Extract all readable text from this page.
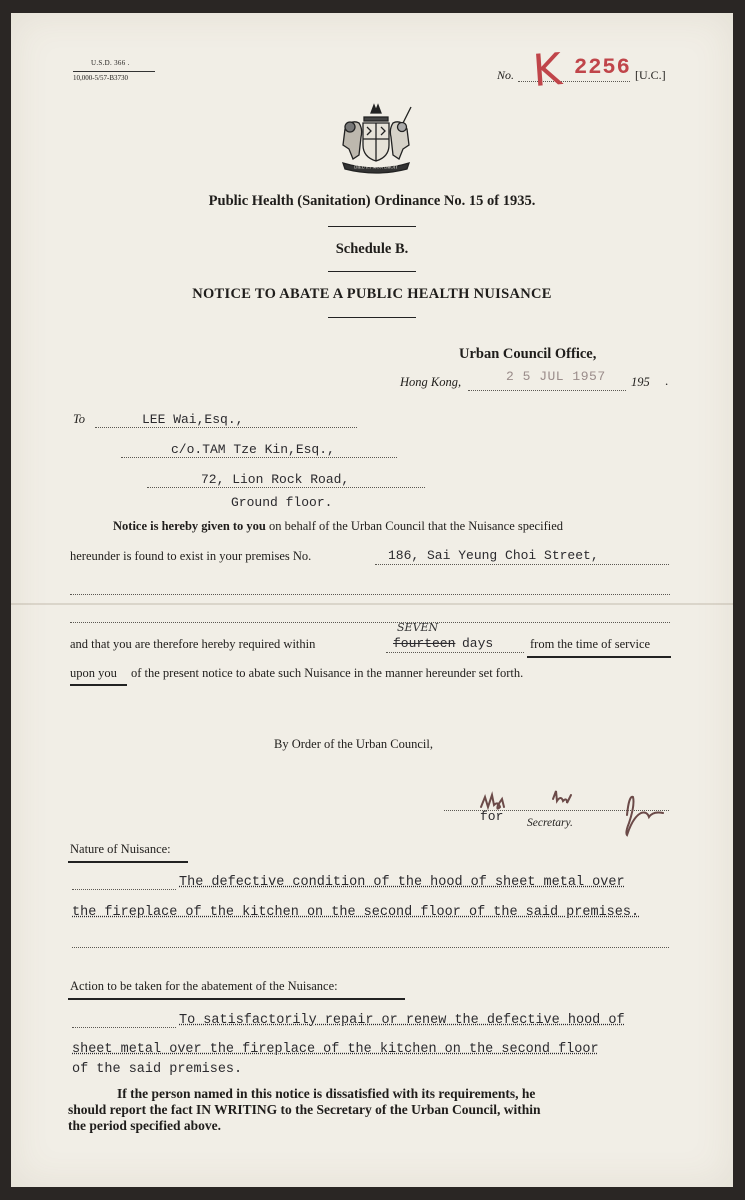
U.S.D. 366 .
10,000-5/57-B3730	No. K 2256 [U.C.]
DIEU ET MON DROIT
Public Health (Sanitation) Ordinance No. 15 of 1935.
Schedule B.
NOTICE TO ABATE A PUBLIC HEALTH NUISANCE
Urban Council Office,
Hong Kong,	2 5 JUL 1957 195 .
To	LEE Wai,Esq.,
c/o.TAM Tze Kin,Esq.,
72, Lion Rock Road,
Ground floor.
Notice is hereby given to you on behalf of the Urban Council that the Nuisance specified
hereunder is found to exist in your premises No.	186, Sai Yeung Choi Street,
and that you are therefore hereby required within
SEVEN
fourteen days	from the time of service
upon you of the present notice to abate such Nuisance in the manner hereunder set forth.
By Order of the Urban Council,
for Secretary.
Nature of Nuisance:
The defective condition of the hood of sheet metal over
the fireplace of the kitchen on the second floor of the said premises.
Action to be taken for the abatement of the Nuisance:
To satisfactorily repair or renew the defective hood of
sheet metal over the fireplace of the kitchen on the second floor
of the said premises.
If the person named in this notice is dissatisfied with its requirements, he
should report the fact IN WRITING to the Secretary of the Urban Council, within
the period specified above.
